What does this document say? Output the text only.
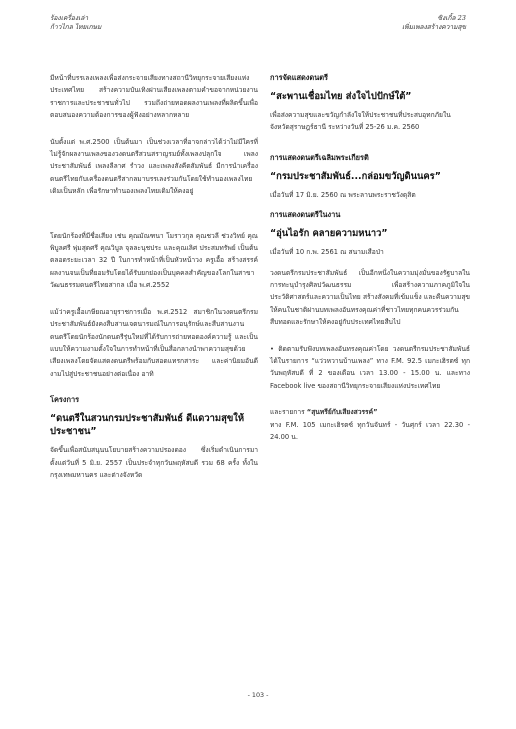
ร้องเครื่องเล่า
ก้าวไกล ไทยเกษม
ซิงเกิ้ล 23
เพิ่มเพลงสร้างความสุข

มีหน้าที่บรรเลงเพลงเพื่อส่งกระจายเสียงทางสถานีวิทยุกระจายเสียงแห่งประเทศไทย สร้างความบันเทิงผ่านเสียงเพลงตามคำขอจากหน่วยงานราชการและประชาชนทั่วไป รวมถึงถ่ายทอดผลงานเพลงที่ผลิตขึ้นเพื่อตอบสนองความต้องการของผู้ฟังอย่างหลากหลาย

นับตั้งแต่ พ.ศ.2500 เป็นต้นมา เป็นช่วงเวลาที่อาจกล่าวได้ว่าไม่มีใครที่ไม่รู้จักผลงานเพลงของวงดนตรีสวนสราญรมย์ทั้งเพลงปลุกใจ เพลงประชาสัมพันธ์ เพลงลีลาศ รำวง และเพลงสังคีตสัมพันธ์ มีการนำเครื่องดนตรีไทยกับเครื่องดนตรีสากลมาบรรเลงร่วมกันโดยใช้ทำนองเพลงไทยเดิมเป็นหลัก เพื่อรักษาทำนองเพลงไทยเดิมให้คงอยู่

โดยนักร้องที่มีชื่อเสียง เช่น คุณมัณฑนา โมราวกุล คุณชวลี ช่วงวิทย์ คุณพิบูลศรี พุ่มสุดศรี คุณวิบูล จุลละนุชประ และคุณเลิศ ประสมทรัพย์ เป็นต้น ตลอดระยะเวลา 32 ปี ในการทำหน้าที่เป็นหัวหน้าวง ครูเอื้อ สร้างสรรค์ผลงานจนเป็นที่ยอมรับโดยได้รับยกย่องเป็นบุคคลสำคัญของโลกในสาขาวัฒนธรรมดนตรีไทยสากล เมื่อ พ.ศ.2552

แม้ว่าครูเอื้อเกษียณอายุราชการเมื่อ พ.ศ.2512 สมาชิกในวงดนตรีกรมประชาสัมพันธ์ยังคงสืบสานเจตนารมณ์ในการอนุรักษ์และสืบสานงานดนตรีโดยนักร้องนักดนตรีรุ่นใหม่ที่ได้รับการถ่ายทอดองค์ความรู้ และเป็นแบบให้ความงามตั้งใจในการทำหน้าที่เป็นสื่อกลางนำพาความสุขด้วยเสียงเพลงโดยจัดแสดงดนตรีพร้อมกับสอดแทรกสาระ และค่านิยมอันดีงามไปสู่ประชาชนอย่างต่อเนื่อง อาทิ

โครงการ
“ดนตรีในสวนกรมประชาสัมพันธ์ ดีแดวามสุขให้ประชาชน”

จัดขึ้นเพื่อสนับสนุนนโยบายสร้างความปรองดอง ซึ่งเริ่มดำเนินการมาตั้งแต่วันที่ 5 มิ.ย. 2557 เป็นประจำทุกวันพฤหัสบดี รวม 68 ครั้ง ทั้งในกรุงเทพมหานคร และต่างจังหวัด

การจัดแสดงดนตรี
“สะพานเชื่อมไทย ส่งใจไปปักษ์ใต้”

เพื่อส่งความสุขและขวัญกำลังใจให้ประชาชนที่ประสบอุทกภัยในจังหวัดสุราษฎร์ธานี ระหว่างวันที่ 25-26 ม.ค. 2560

การแสดงดนตรีเฉลิมพระเกียรติ
“กรมประชาสัมพันธ์...กล่อมขวัญดินนคร”

เมื่อวันที่ 17 มิ.ย. 2560 ณ พระลานพระราชวังดุสิต

การแสดงดนตรีในงาน
“อุ่นไอรัก คลายความหนาว”

เมื่อวันที่ 10 ก.พ. 2561 ณ สนามเสือป่า

วงดนตรีกรมประชาสัมพันธ์ เป็นอีกหนึ่งในความมุ่งมั่นของรัฐบาลในการทะนุบำรุงศิลปวัฒนธรรม เพื่อสร้างความภาคภูมิใจในประวัติศาสตร์และความเป็นไทย สร้างสังคมที่เข้มแข็ง และคืนความสุขให้คนในชาติผ่านบทเพลงอันทรงคุณค่าที่ชาวไทยทุกคนควรร่วมกันสืบทอดและรักษาให้คงอยู่กับประเทศไทยสืบไป

• ติดตามรับฟังบทเพลงอันทรงคุณค่าโดย วงดนตรีกรมประชาสัมพันธ์ได้ในรายการ “แว่วหวานบ้านเพลง” ทาง F.M. 92.5 เมกะเฮิรตซ์ ทุกวันพฤหัสบดี ที่ 2 ของเดือน เวลา 13.00 - 15.00 น. และทาง Facebook live ของสถานีวิทยุกระจายเสียงแห่งประเทศไทย

และรายการ “สุนทรีย์กับเสียงสวรรค์”
ทาง F.M. 105 เมกะเฮิรตซ์ ทุกวันจันทร์ - วันศุกร์ เวลา 22.30 - 24.00 น.

- 103 -
